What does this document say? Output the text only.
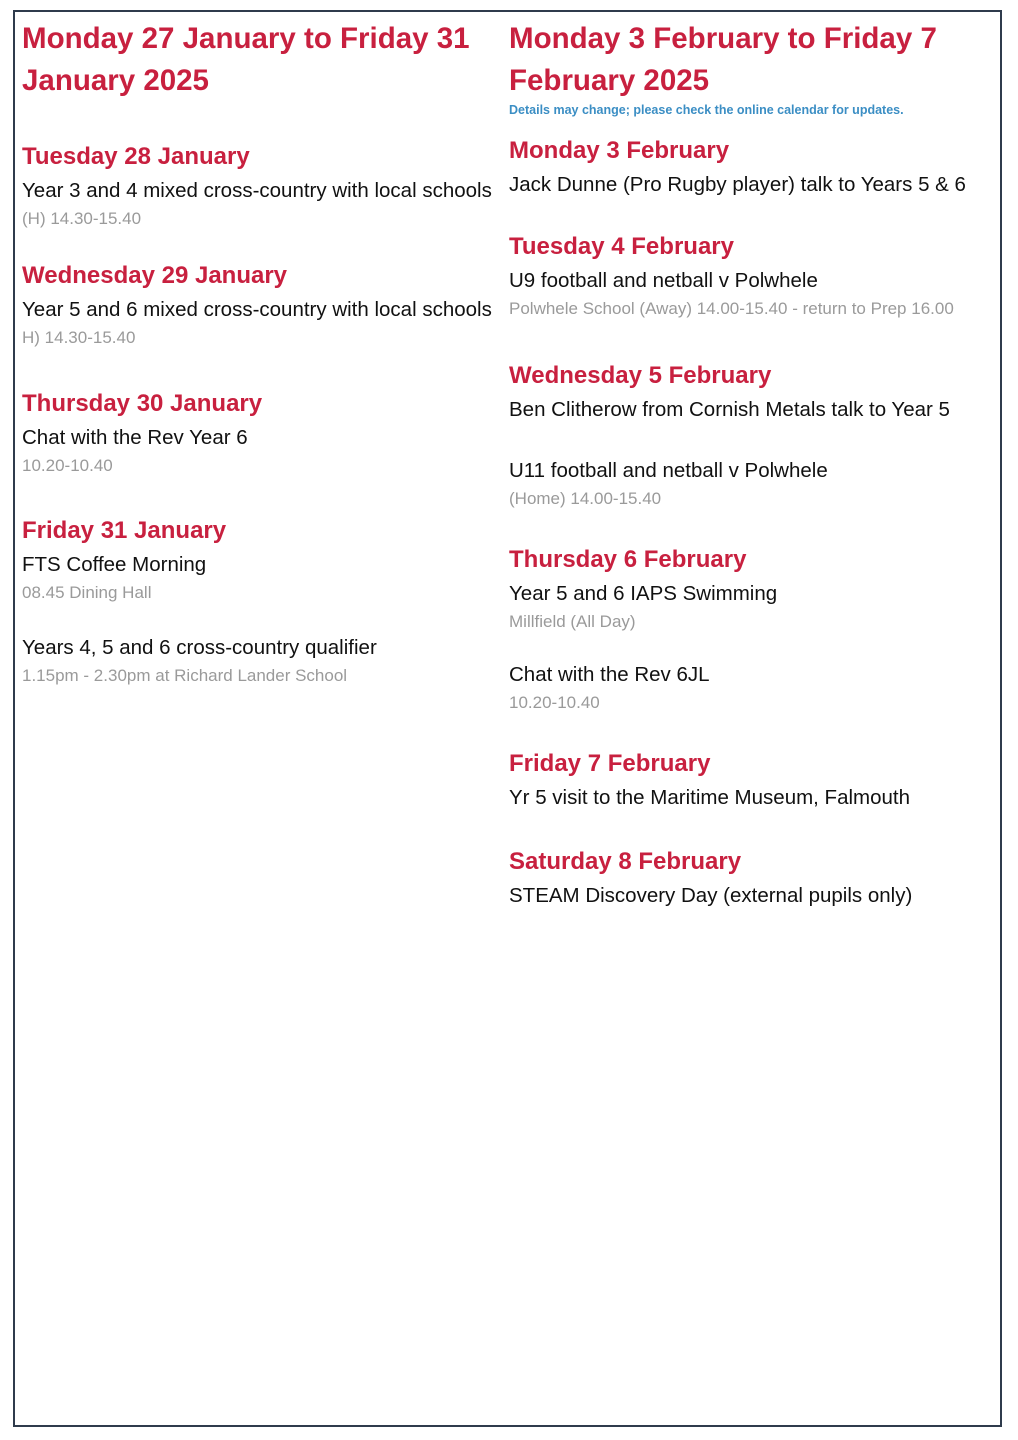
Monday 27 January to Friday 31 January 2025
Tuesday 28 January

Year 3 and 4 mixed cross-country with local schools

(H) 14.30-15.40

Wednesday 29 January

Year 5 and 6 mixed cross-country with local schools

H) 14.30-15.40

Thursday 30 January

Chat with the Rev Year 6

10.20-10.40

Friday 31 January

FTS Coffee Morning

08.45 Dining Hall

Years 4, 5 and 6 cross-country qualifier

1.15pm - 2.30pm at Richard Lander School

Monday 3 February to Friday 7 February 2025

Details may change; please check the online calendar for updates.

Monday 3 February

Jack Dunne (Pro Rugby player) talk to Years 5 & 6

Tuesday 4 February

U9 football and netball v Polwhele

Polwhele School (Away) 14.00-15.40 - return to Prep 16.00

Wednesday 5 February

Ben Clitherow from Cornish Metals talk to Year 5

U11 football and netball v Polwhele

(Home) 14.00-15.40

Thursday 6 February

Year 5 and 6 IAPS Swimming

Millfield (All Day)

Chat with the Rev 6JL

10.20-10.40

Friday 7 February

Yr 5 visit to the Maritime Museum, Falmouth

Saturday 8 February

STEAM Discovery Day (external pupils only)
